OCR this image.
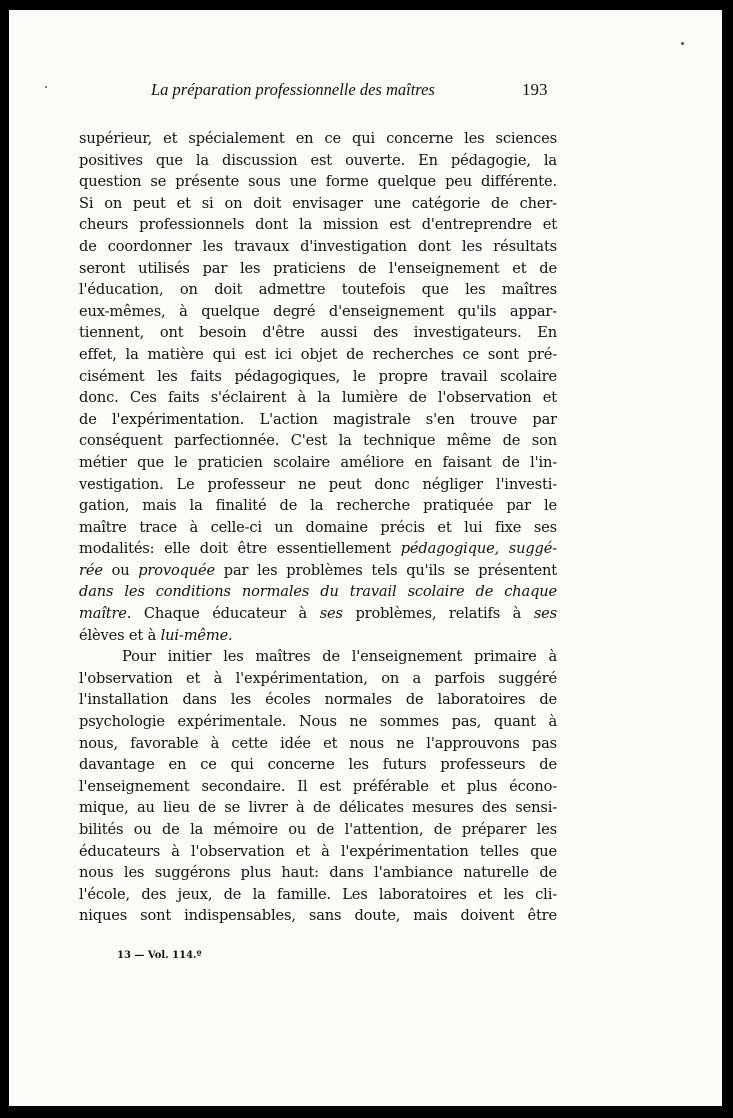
La préparation professionnelle des maîtres	193
supérieur, et spécialement en ce qui concerne les sciences
positives que la discussion est ouverte. En pédagogie, la
question se présente sous une forme quelque peu différente.
Si on peut et si on doit envisager une catégorie de cher-
cheurs professionnels dont la mission est d'entreprendre et
de coordonner les travaux d'investigation dont les résultats
seront utilisés par les praticiens de l'enseignement et de
l'éducation, on doit admettre toutefois que les maîtres
eux-mêmes, à quelque degré d'enseignement qu'ils appar-
tiennent, ont besoin d'être aussi des investigateurs. En
effet, la matière qui est ici objet de recherches ce sont pré-
cisément les faits pédagogiques, le propre travail scolaire
donc. Ces faits s'éclairent à la lumière de l'observation et
de l'expérimentation. L'action magistrale s'en trouve par
conséquent parfectionnée. C'est la technique même de son
métier que le praticien scolaire améliore en faisant de l'in-
vestigation. Le professeur ne peut donc négliger l'investi-
gation, mais la finalité de la recherche pratiquée par le
maître trace à celle-ci un domaine précis et lui fixe ses
modalités: elle doit être essentiellement pédagogique, suggé-
rée ou provoquée par les problèmes tels qu'ils se présentent
dans les conditions normales du travail scolaire de chaque
maître. Chaque éducateur à ses problèmes, relatifs à ses
élèves et à lui-même.
Pour initier les maîtres de l'enseignement primaire à
l'observation et à l'expérimentation, on a parfois suggéré
l'installation dans les écoles normales de laboratoires de
psychologie expérimentale. Nous ne sommes pas, quant à
nous, favorable à cette idée et nous ne l'approuvons pas
davantage en ce qui concerne les futurs professeurs de
l'enseignement secondaire. Il est préférable et plus écono-
mique, au lieu de se livrer à de délicates mesures des sensi-
bilités ou de la mémoire ou de l'attention, de préparer les
éducateurs à l'observation et à l'expérimentation telles que
nous les suggérons plus haut: dans l'ambiance naturelle de
l'école, des jeux, de la famille. Les laboratoires et les cli-
niques sont indispensables, sans doute, mais doivent être
13 — Vol. 114.º
